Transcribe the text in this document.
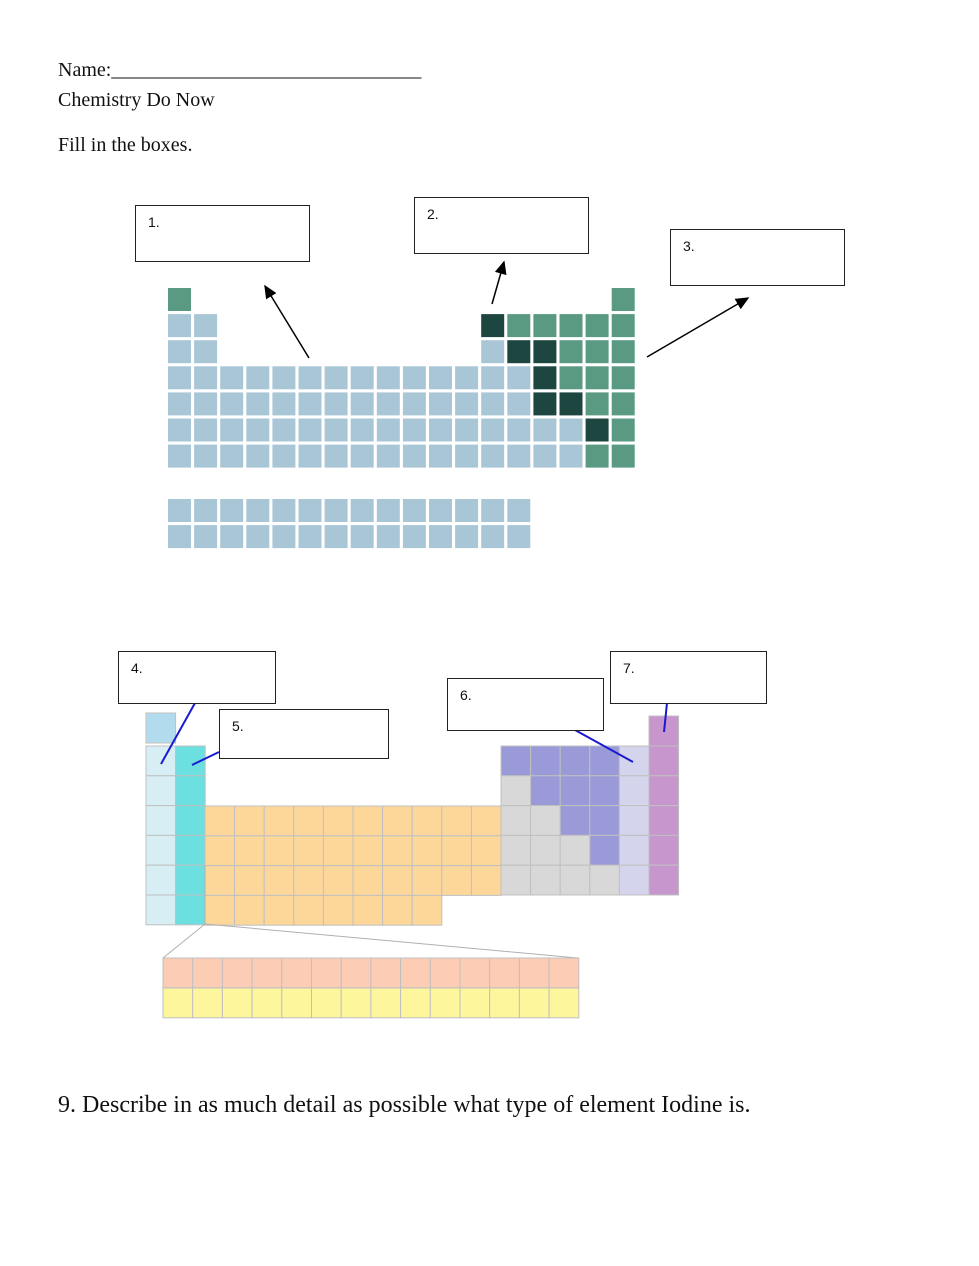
Name:_______________________________
Chemistry Do Now
Fill in the boxes.
1.	2.
3.
4.
5.
6.
7.
9. Describe in as much detail as possible what type of element Iodine is.
